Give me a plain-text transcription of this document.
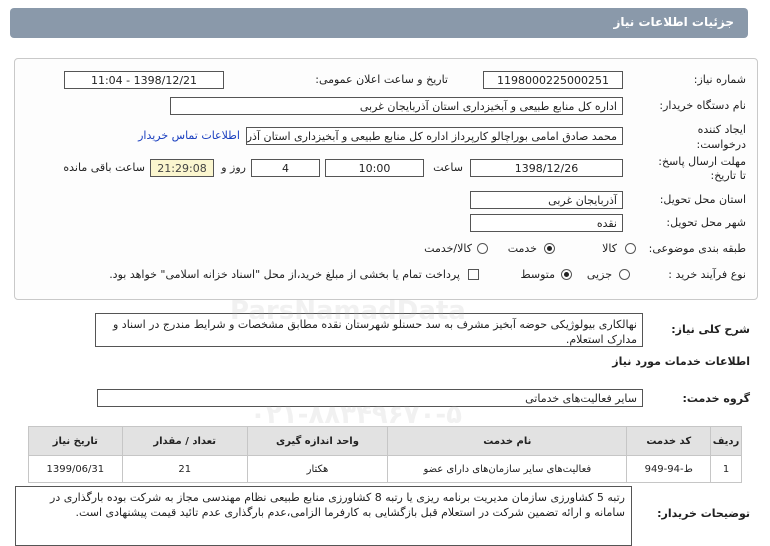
جزئیات اطلاعات نیاز
شماره نیاز:
1198000225000251
تاریخ و ساعت اعلان عمومی:
1398/12/21 - 11:04
نام دستگاه خریدار:
اداره کل منابع طبیعی و آبخیزداری استان آذربایجان غربی
ایجاد کننده
درخواست:
محمد صادق امامی بوراچالو کارپرداز اداره کل منابع طبیعی و آبخیزداری استان آذر
اطلاعات تماس خریدار
مهلت ارسال پاسخ:
تا تاریخ:
1398/12/26
ساعت
10:00
4
روز و
21:29:08
ساعت باقی مانده
استان محل تحویل:
آذربایجان غربی
شهر محل تحویل:
نقده
طبقه بندی موضوعی:
کالا
خدمت
کالا/خدمت
نوع فرآیند خرید :
جزیی
متوسط
پرداخت تمام یا بخشی از مبلغ خرید،از محل "اسناد خزانه اسلامی" خواهد بود.
شرح کلی نیاز:
نهالکاری بیولوژیکی حوضه آبخیز مشرف به سد حسنلو شهرستان نقده مطابق مشخصات و شرایط مندرج در اسناد و مدارک استعلام.
اطلاعات خدمات مورد نیاز
گروه خدمت:
سایر فعالیت‌های خدماتی
ردیف	کد خدمت	نام خدمت	واحد اندازه گیری	تعداد / مقدار	تاریخ نیاز
1	ط-94-949	فعالیت‌های سایر سازمان‌های دارای عضو	هکتار	21	1399/06/31
توضیحات خریدار:
رتبه 5 کشاورزی سازمان مدیریت برنامه ریزی یا رتبه 8 کشاورزی منابع طبیعی نظام مهندسی مجاز به شرکت بوده بارگذاری در سامانه و ارائه تضمین شرکت در استعلام قبل بازگشایی به کارفرما الزامی،عدم بارگذاری عدم تائید قیمت پیشنهادی است.
ParsNamadData
۰۲۱-۸۸۳۴۹۶۷۰-۵
